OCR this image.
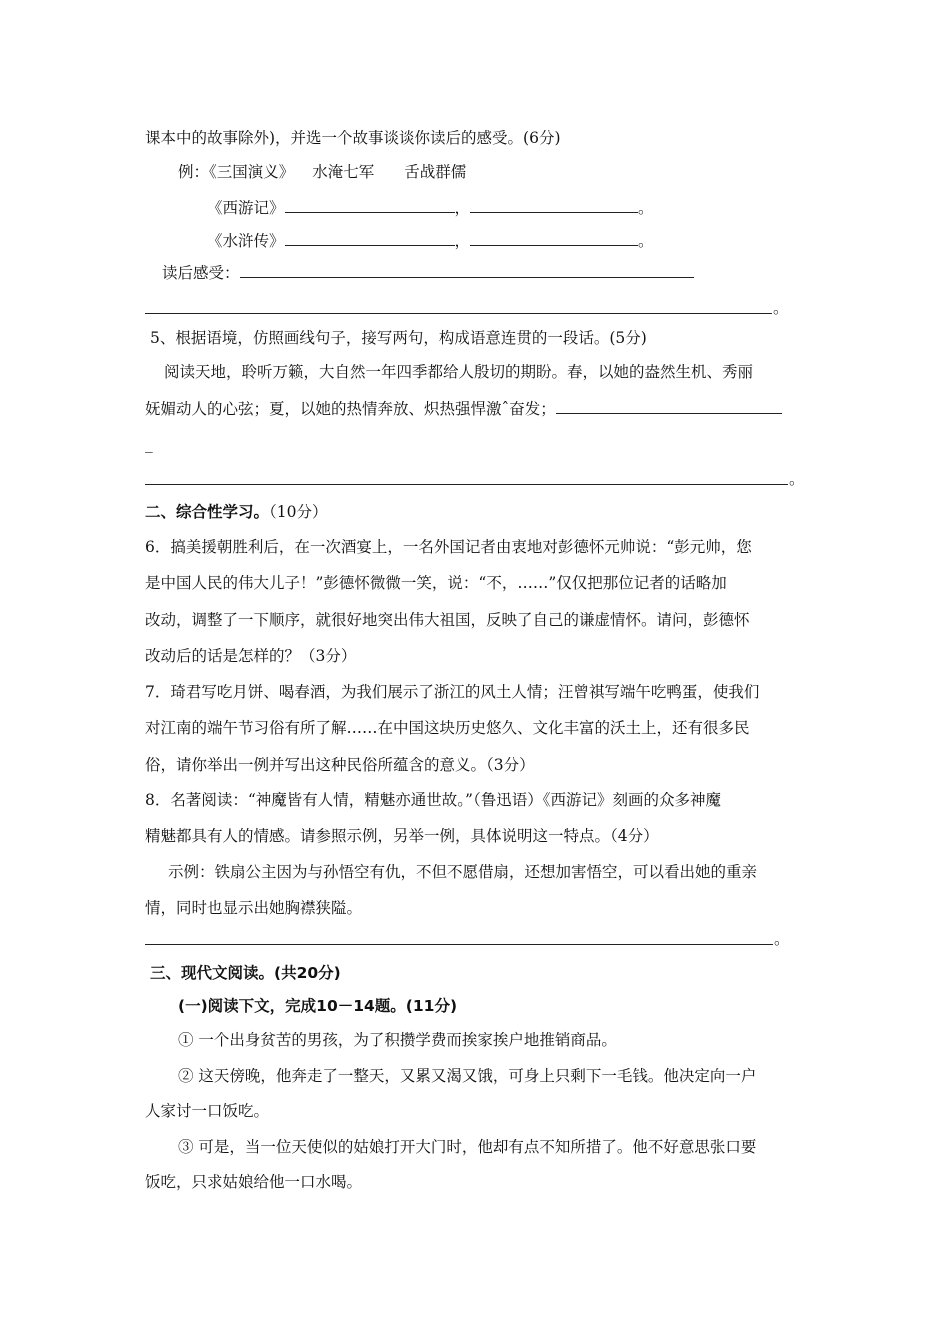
课本中的故事除外)，并选一个故事谈谈你读后的感受。(6分)
例：《三国演义》 水淹七军 舌战群儒
《西游记》	，	。
《水浒传》	，	。
读后感受：
。
5、根据语境，仿照画线句子，接写两句，构成语意连贯的一段话。(5分)
阅读天地，聆听万籁，大自然一年四季都给人殷切的期盼。春，以她的盎然生机、秀丽
妩媚动人的心弦；夏，以她的热情奔放、炽热强悍激ˆ奋发；
_
。
二、综合性学习。（10分）
6．搞美援朝胜利后，在一次酒宴上，一名外国记者由衷地对彭德怀元帅说：“彭元帅，您
是中国人民的伟大儿子！”彭德怀微微一笑，说：“不，……”仅仅把那位记者的话略加
改动，调整了一下顺序，就很好地突出伟大祖国，反映了自己的谦虚情怀。请问，彭德怀
改动后的话是怎样的？（3分）
7．琦君写吃月饼、喝春酒，为我们展示了浙江的风土人情；汪曾祺写端午吃鸭蛋，使我们
对江南的端午节习俗有所了解……在中国这块历史悠久、文化丰富的沃土上，还有很多民
俗，请你举出一例并写出这种民俗所蕴含的意义。（3分）
8．名著阅读：“神魔皆有人情，精魅亦通世故。”（鲁迅语）《西游记》刻画的众多神魔
精魅都具有人的情感。请参照示例，另举一例，具体说明这一特点。（4分）
示例：铁扇公主因为与孙悟空有仇，不但不愿借扇，还想加害悟空，可以看出她的重亲
情，同时也显示出她胸襟狭隘。
。
三、现代文阅读。(共20分)
(一)阅读下文，完成10－14题。(11分)
① 一个出身贫苦的男孩，为了积攒学费而挨家挨户地推销商品。
② 这天傍晚，他奔走了一整天，又累又渴又饿，可身上只剩下一毛钱。他决定向一户
人家讨一口饭吃。
③ 可是，当一位天使似的姑娘打开大门时，他却有点不知所措了。他不好意思张口要
饭吃，只求姑娘给他一口水喝。
